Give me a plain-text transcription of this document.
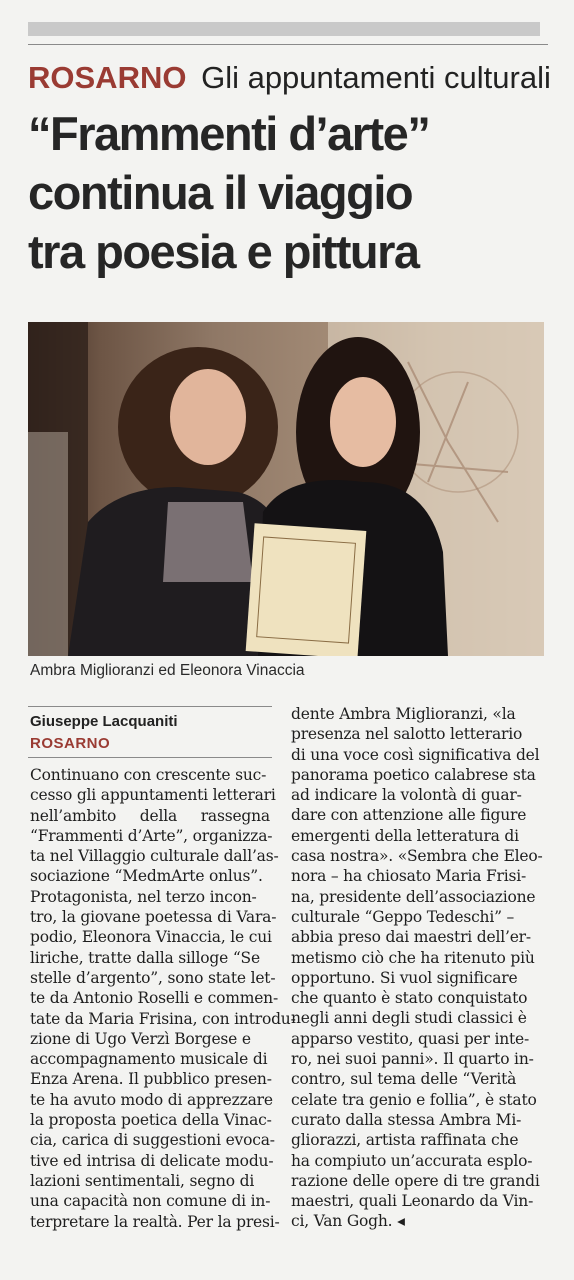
ROSARNO Gli appuntamenti culturali
“Frammenti d’arte”
continua il viaggio
tra poesia e pittura
Ambra Miglioranzi ed Eleonora Vinaccia
Giuseppe Lacquaniti
ROSARNO

Continuano con crescente suc-
cesso gli appuntamenti letterari
nell’ambito     della     rassegna
“Frammenti d’Arte”, organizza-
ta nel Villaggio culturale dall’as-
sociazione “MedmArte onlus”.
Protagonista, nel terzo incon-
tro, la giovane poetessa di Vara-
podio, Eleonora Vinaccia, le cui
liriche, tratte dalla silloge “Se
stelle d’argento”, sono state let-
te da Antonio Roselli e commen-
tate da Maria Frisina, con introdu-
zione di Ugo Verzì Borgese e
accompagnamento musicale di
Enza Arena. Il pubblico presen-
te ha avuto modo di apprezzare
la proposta poetica della Vinac-
cia, carica di suggestioni evoca-
tive ed intrisa di delicate modu-
lazioni sentimentali, segno di
una capacità non comune di in-
terpretare la realtà. Per la presi-

dente Ambra Miglioranzi, «la
presenza nel salotto letterario
di una voce così significativa del
panorama poetico calabrese sta
ad indicare la volontà di guar-
dare con attenzione alle figure
emergenti della letteratura di
casa nostra». «Sembra che Eleo-
nora – ha chiosato Maria Frisi-
na, presidente dell’associazione
culturale “Geppo Tedeschi” –
abbia preso dai maestri dell’er-
metismo ciò che ha ritenuto più
opportuno. Si vuol significare
che quanto è stato conquistato
negli anni degli studi classici è
apparso vestito, quasi per inte-
ro, nei suoi panni». Il quarto in-
contro, sul tema delle “Verità
celate tra genio e follia”, è stato
curato dalla stessa Ambra Mi-
gliorazzi, artista raffinata che
ha compiuto un’accurata esplo-
razione delle opere di tre grandi
maestri, quali Leonardo da Vin-
ci, Van Gogh. ◂
